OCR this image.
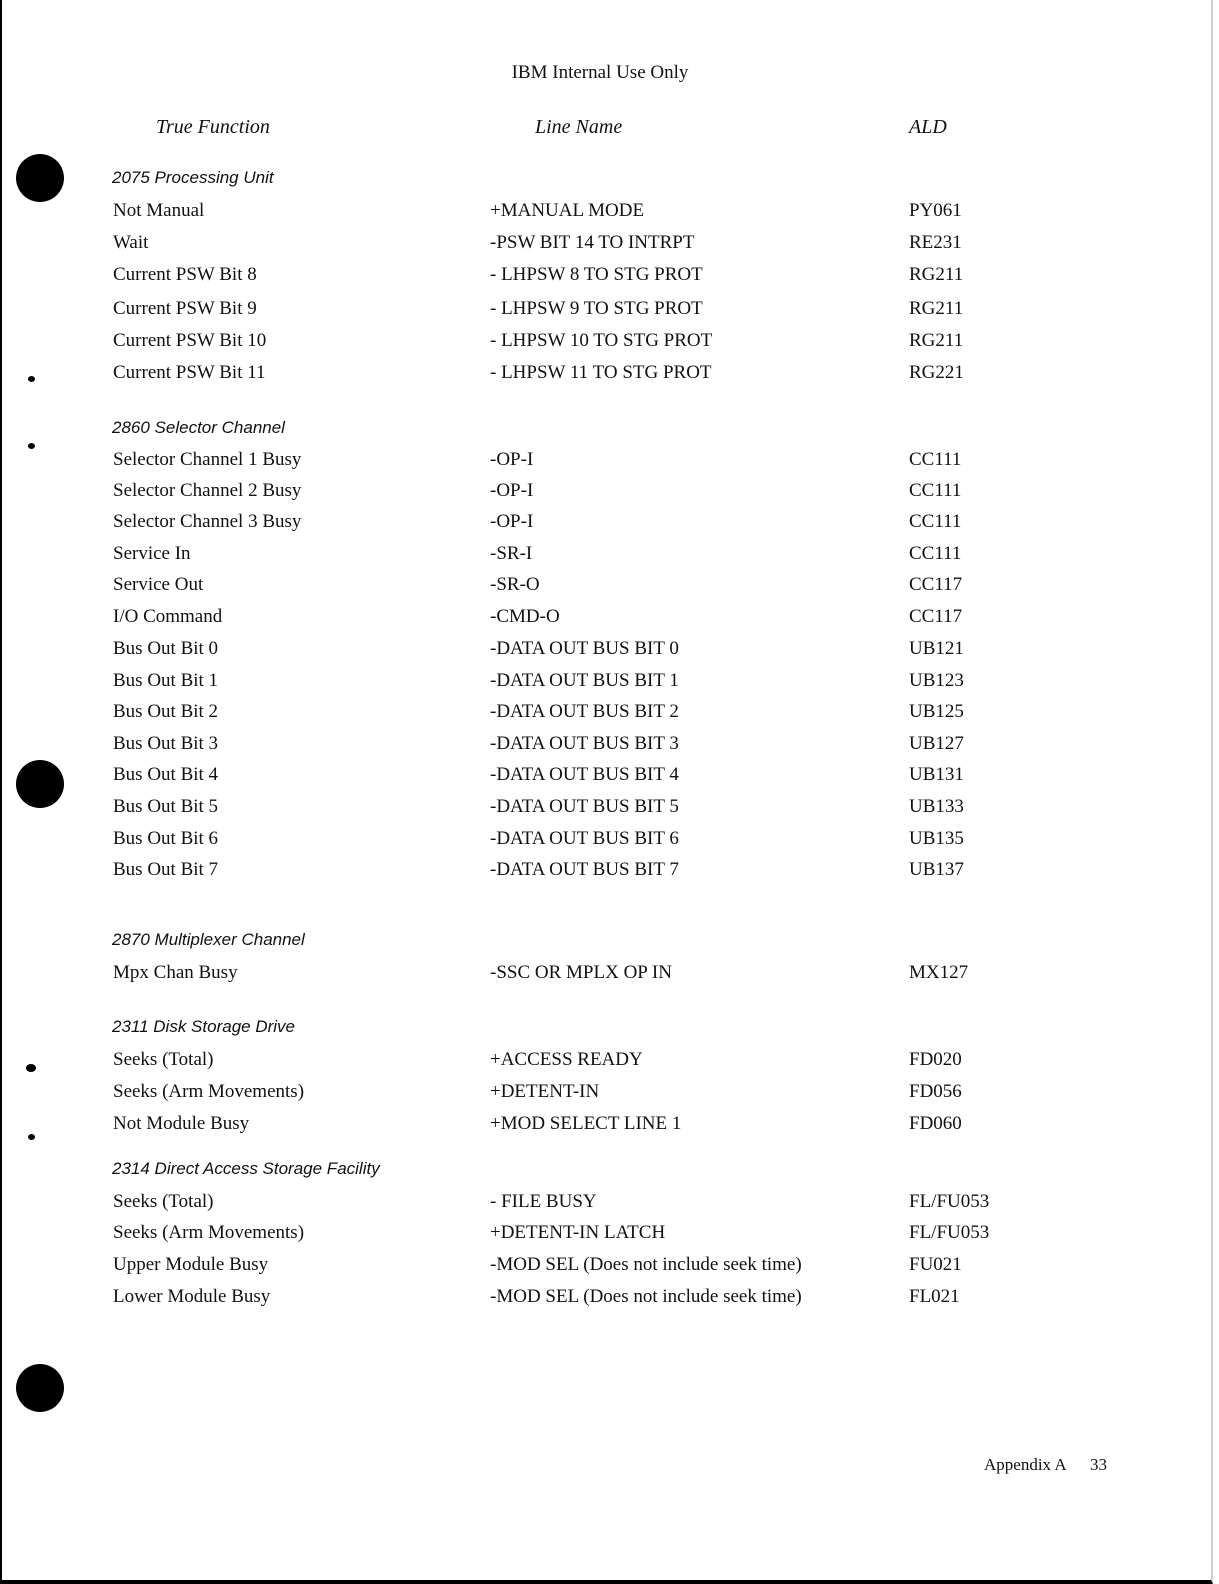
IBM Internal Use Only
True Function	Line Name	ALD
2075 Processing Unit
Not Manual	+MANUAL MODE	PY061
Wait	-PSW BIT 14 TO INTRPT	RE231
Current PSW Bit 8	- LHPSW 8 TO STG PROT	RG211
Current PSW Bit 9	- LHPSW 9 TO STG PROT	RG211
Current PSW Bit 10	- LHPSW 10 TO STG PROT	RG211
Current PSW Bit 11	- LHPSW 11 TO STG PROT	RG221
2860 Selector Channel
Selector Channel 1 Busy	-OP-I	CC111
Selector Channel 2 Busy	-OP-I	CC111
Selector Channel 3 Busy	-OP-I	CC111
Service In	-SR-I	CC111
Service Out	-SR-O	CC117
I/O Command	-CMD-O	CC117
Bus Out Bit 0	-DATA OUT BUS BIT 0	UB121
Bus Out Bit 1	-DATA OUT BUS BIT 1	UB123
Bus Out Bit 2	-DATA OUT BUS BIT 2	UB125
Bus Out Bit 3	-DATA OUT BUS BIT 3	UB127
Bus Out Bit 4	-DATA OUT BUS BIT 4	UB131
Bus Out Bit 5	-DATA OUT BUS BIT 5	UB133
Bus Out Bit 6	-DATA OUT BUS BIT 6	UB135
Bus Out Bit 7	-DATA OUT BUS BIT 7	UB137
2870 Multiplexer Channel
Mpx Chan Busy	-SSC OR MPLX OP IN	MX127
2311 Disk Storage Drive
Seeks (Total)	+ACCESS READY	FD020
Seeks (Arm Movements)	+DETENT-IN	FD056
Not Module Busy	+MOD SELECT LINE 1	FD060
2314 Direct Access Storage Facility
Seeks (Total)	- FILE BUSY	FL/FU053
Seeks (Arm Movements)	+DETENT-IN LATCH	FL/FU053
Upper Module Busy	-MOD SEL (Does not include seek time)	FU021
Lower Module Busy	-MOD SEL (Does not include seek time)	FL021
Appendix A 33
